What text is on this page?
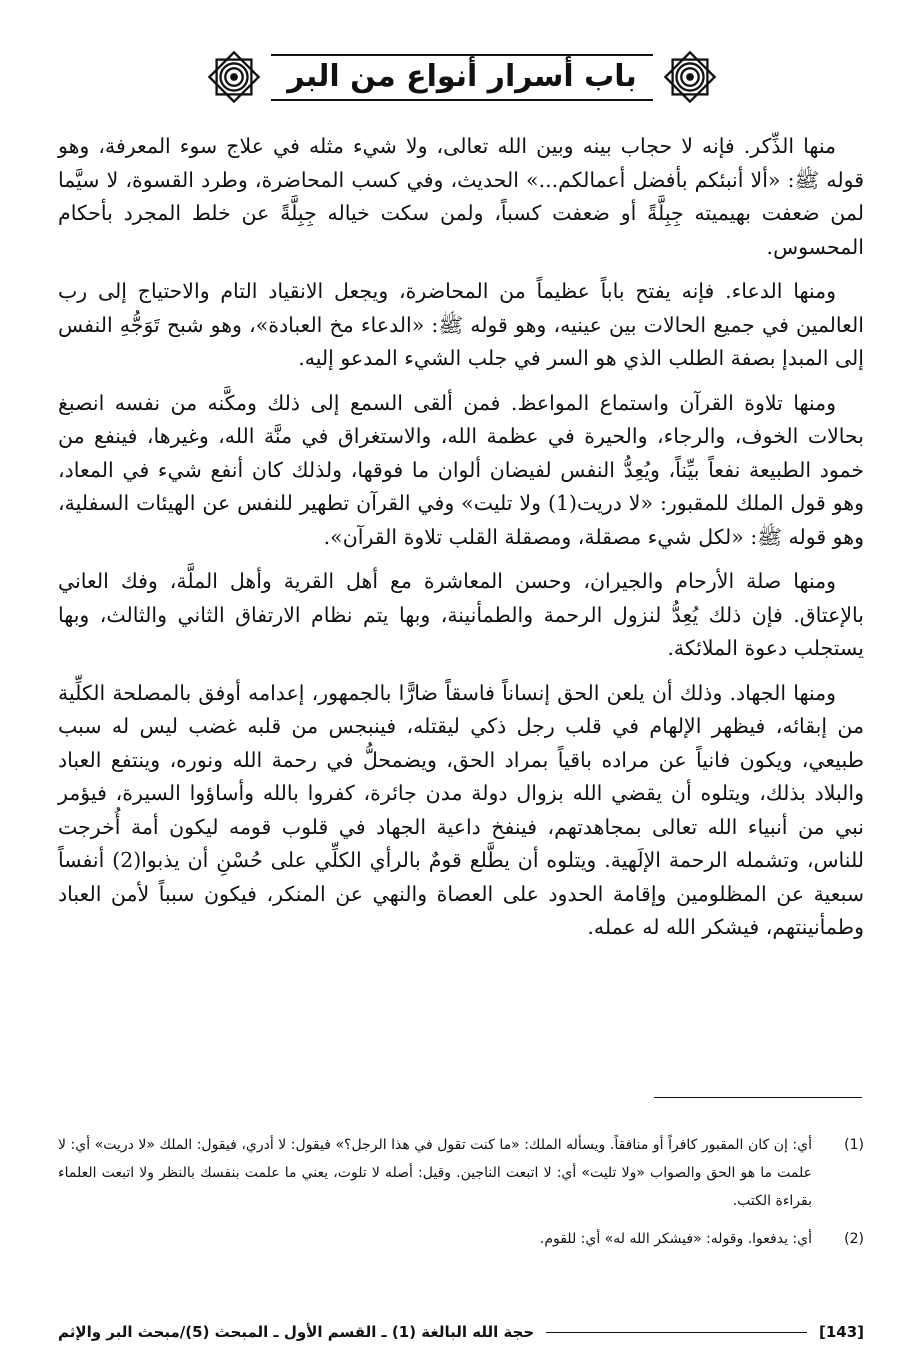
باب أسرار أنواع من البر

منها الذِّكر. فإنه لا حجاب بينه وبين الله تعالى، ولا شيء مثله في علاج سوء المعرفة، وهو قوله ﷺ: «ألا أنبئكم بأفضل أعمالكم...» الحديث، وفي كسب المحاضرة، وطرد القسوة، لا سيَّما لمن ضعفت بهيميته جِبِلَّةً أو ضعفت كسباً، ولمن سكت خياله جِبِلَّةً عن خلط المجرد بأحكام المحسوس.

ومنها الدعاء. فإنه يفتح باباً عظيماً من المحاضرة، ويجعل الانقياد التام والاحتياج إلى رب العالمين في جميع الحالات بين عينيه، وهو قوله ﷺ: «الدعاء مخ العبادة»، وهو شبح تَوَجُّهِ النفس إلى المبدإ بصفة الطلب الذي هو السر في جلب الشيء المدعو إليه.

ومنها تلاوة القرآن واستماع المواعظ. فمن ألقى السمع إلى ذلك ومكَّنه من نفسه انصبغ بحالات الخوف، والرجاء، والحيرة في عظمة الله، والاستغراق في منَّة الله، وغيرها، فينفع من خمود الطبيعة نفعاً بيِّناً، ويُعِدُّ النفس لفيضان ألوان ما فوقها، ولذلك كان أنفع شيء في المعاد، وهو قول الملك للمقبور: «لا دريت(1) ولا تليت» وفي القرآن تطهير للنفس عن الهيئات السفلية، وهو قوله ﷺ: «لكل شيء مصقلة، ومصقلة القلب تلاوة القرآن».

ومنها صلة الأرحام والجيران، وحسن المعاشرة مع أهل القرية وأهل الملَّة، وفك العاني بالإعتاق. فإن ذلك يُعِدُّ لنزول الرحمة والطمأنينة، وبها يتم نظام الارتفاق الثاني والثالث، وبها يستجلب دعوة الملائكة.

ومنها الجهاد. وذلك أن يلعن الحق إنساناً فاسقاً ضارًّا بالجمهور، إعدامه أوفق بالمصلحة الكلِّية من إبقائه، فيظهر الإلهام في قلب رجل ذكي ليقتله، فينبجس من قلبه غضب ليس له سبب طبيعي، ويكون فانياً عن مراده باقياً بمراد الحق، ويضمحلُّ في رحمة الله ونوره، وينتفع العباد والبلاد بذلك، ويتلوه أن يقضي الله بزوال دولة مدن جائرة، كفروا بالله وأساؤوا السيرة، فيؤمر نبي من أنبياء الله تعالى بمجاهدتهم، فينفخ داعية الجهاد في قلوب قومه ليكون أمة أُخرجت للناس، وتشمله الرحمة الإلَهية. ويتلوه أن يطَّلع قومٌ بالرأي الكلِّي على حُسْنِ أن يذبوا(2) أنفساً سبعية عن المظلومين وإقامة الحدود على العصاة والنهي عن المنكر، فيكون سبباً لأمن العباد وطمأنينتهم، فيشكر الله له عمله.

(1)
أي: إن كان المقبور كافراً أو منافقاً. ويسأله الملك: «ما كنت تقول في هذا الرجل؟» فيقول: لا أدري، فيقول: الملك «لا دريت» أي: لا علمت ما هو الحق والصواب «ولا تليت» أي: لا اتبعت الناجين. وقيل: أصله لا تلوت، يعني ما علمت بنفسك بالنظر ولا اتبعت العلماء بقراءة الكتب.
(2)
أي: يدفعوا. وقوله: «فيشكر الله له» أي: للقوم.
[143]
حجة الله البالغة (1) ـ القسم الأول ـ المبحث (5)/مبحث البر والإثم
